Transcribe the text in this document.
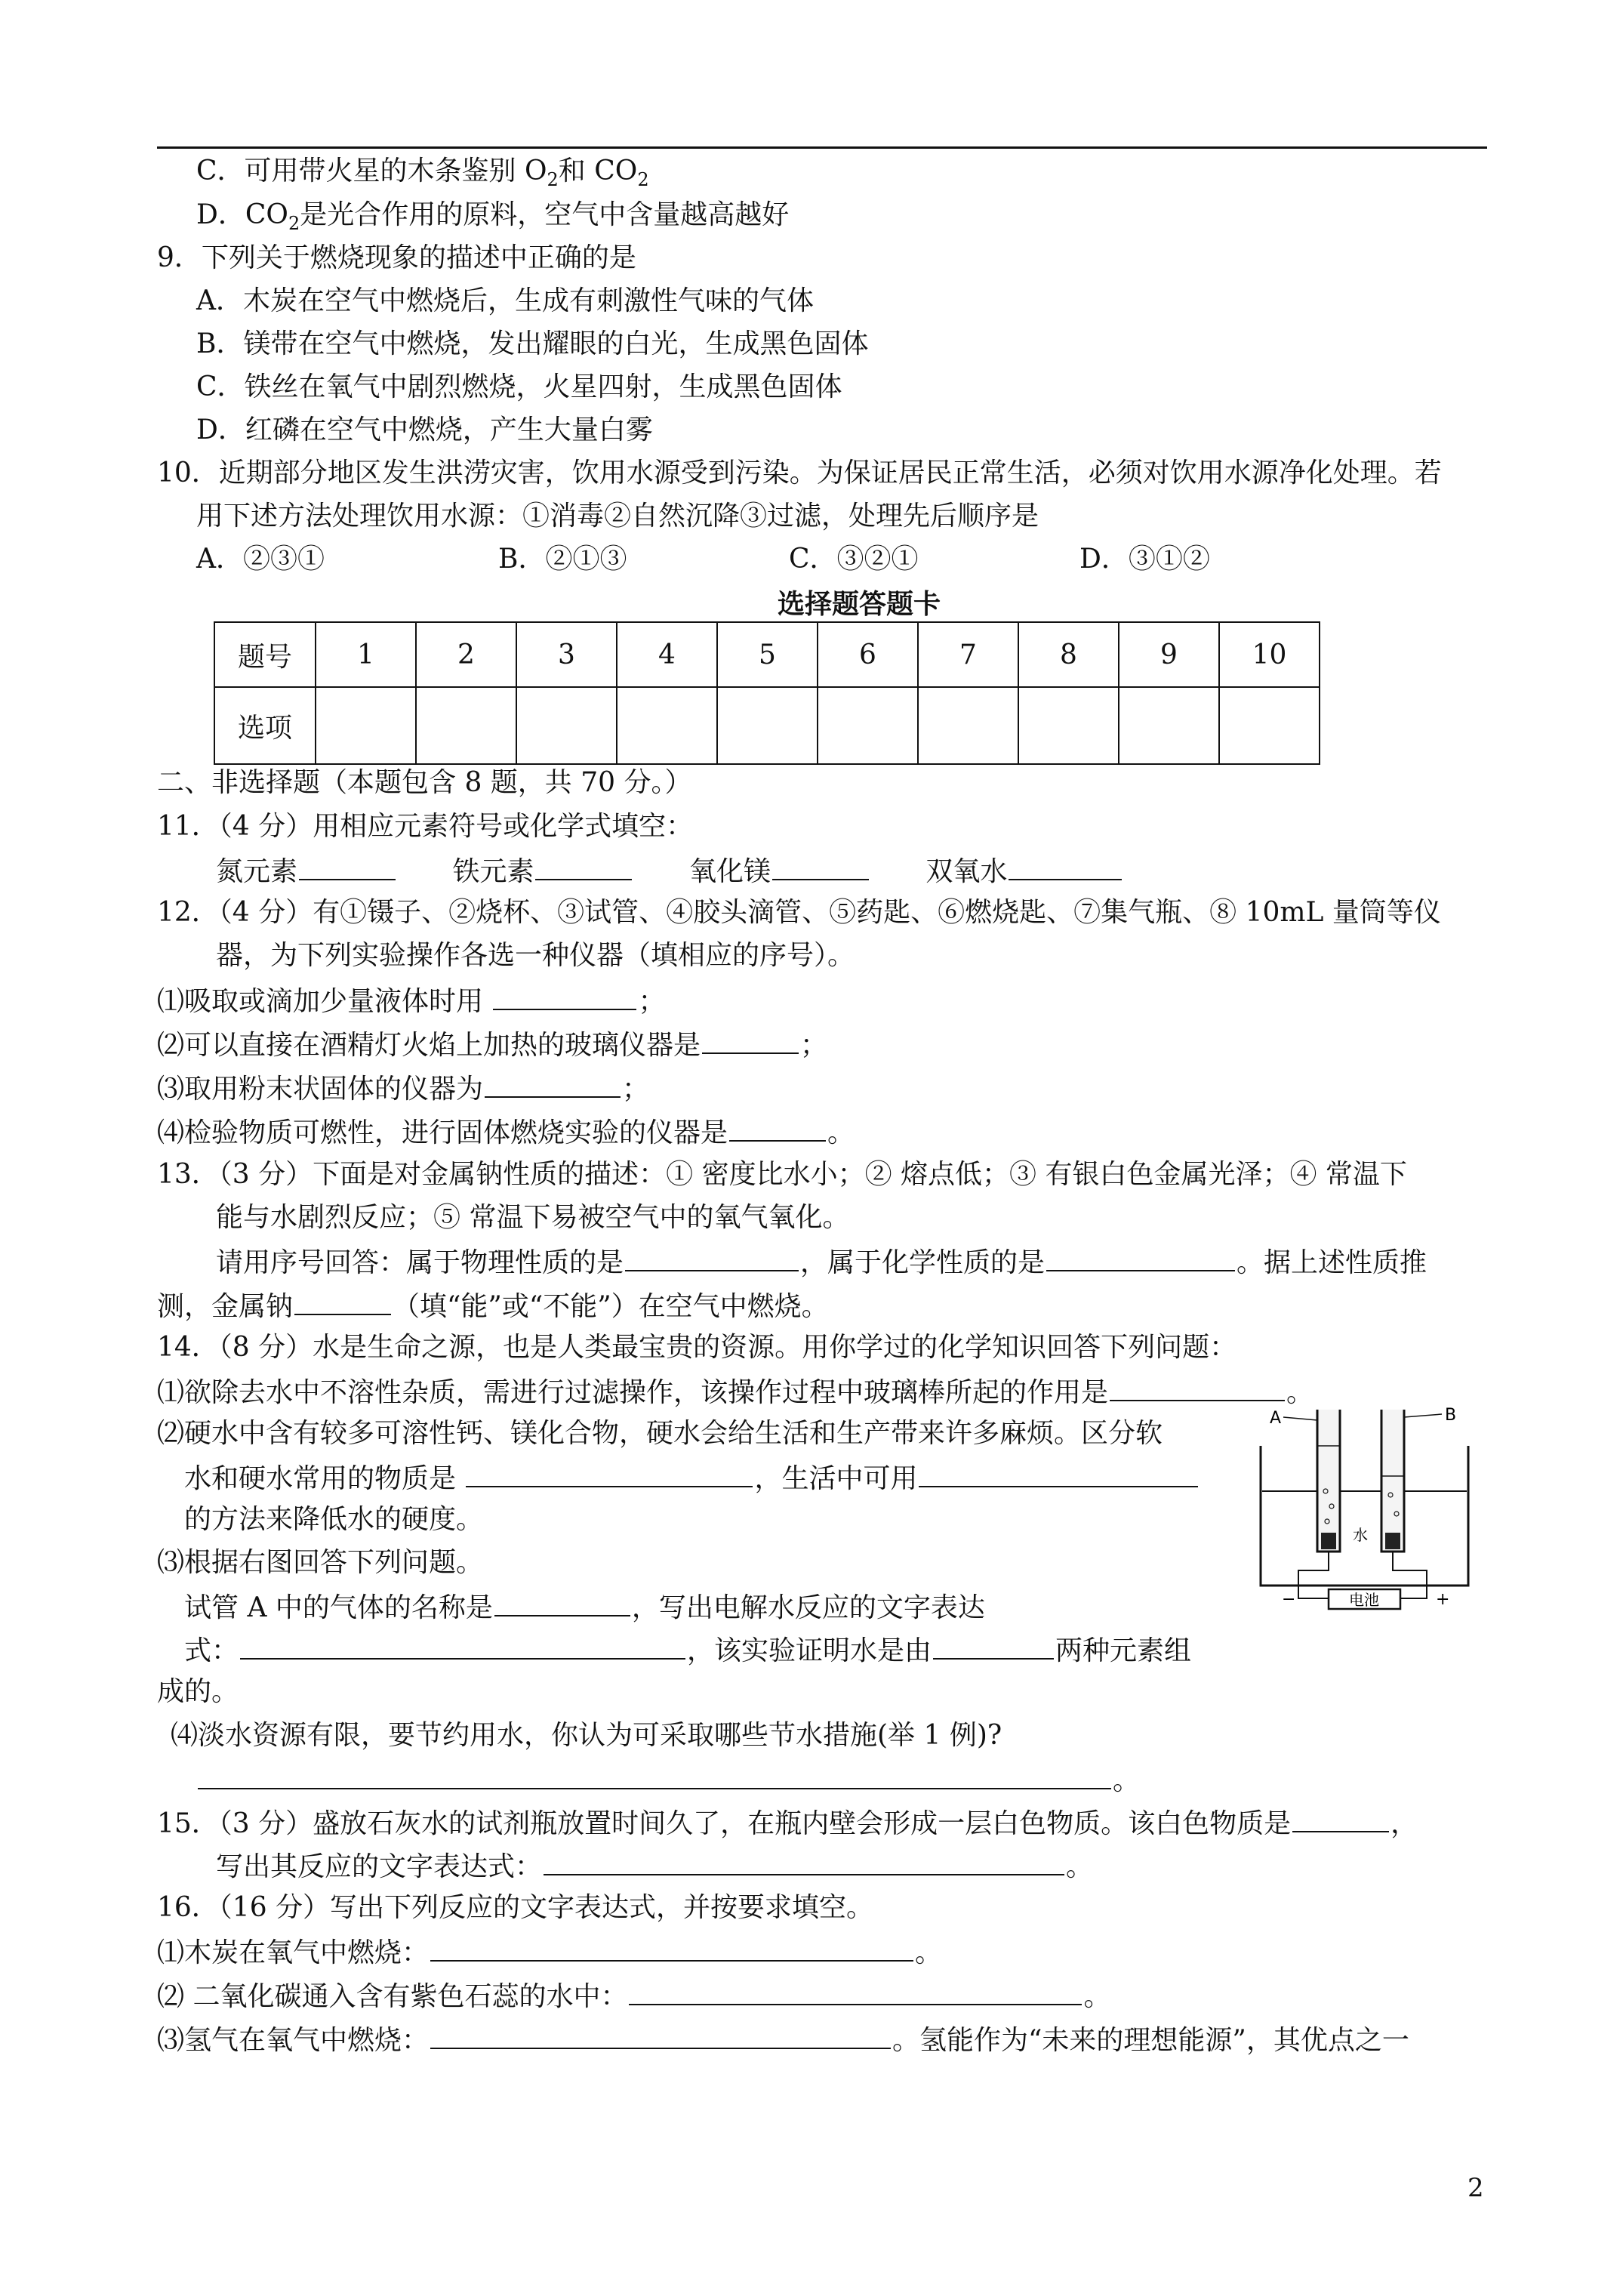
C．可用带火星的木条鉴别 $O_2$和 $CO_2$
D．$CO_2$是光合作用的原料，空气中含量越高越好
9．下列关于燃烧现象的描述中正确的是
A．木炭在空气中燃烧后，生成有刺激性气味的气体
B．镁带在空气中燃烧，发出耀眼的白光，生成黑色固体
C．铁丝在氧气中剧烈燃烧，火星四射，生成黑色固体
D．红磷在空气中燃烧，产生大量白雾
10．近期部分地区发生洪涝灾害，饮用水源受到污染。为保证居民正常生活，必须对饮用水源净化处理。若
用下述方法处理饮用水源：①消毒②自然沉降③过滤，处理先后顺序是
A．②③①	B．②①③	C．③②①	D．③①②
选择题答题卡
题号	1	2	3	4	5	6	7	8	9	10
选项										
二、非选择题（本题包含 8 题，共 70 分。）
11．（4 分）用相应元素符号或化学式填空：
氮元素	铁元素	氧化镁	双氧水
12．（4 分）有①镊子、②烧杯、③试管、④胶头滴管、⑤药匙、⑥燃烧匙、⑦集气瓶、⑧ 10mL 量筒等仪
器，为下列实验操作各选一种仪器（填相应的序号）。
⑴吸取或滴加少量液体时用	；
⑵可以直接在酒精灯火焰上加热的玻璃仪器是	；
⑶取用粉末状固体的仪器为	；
⑷检验物质可燃性，进行固体燃烧实验的仪器是	。
13．（3 分）下面是对金属钠性质的描述：① 密度比水小；② 熔点低；③ 有银白色金属光泽；④ 常温下
能与水剧烈反应；⑤ 常温下易被空气中的氧气氧化。
请用序号回答：属于物理性质的是	，属于化学性质的是	。据上述性质推
测，金属钠	（填“能”或“不能”）在空气中燃烧。
14．（8 分）水是生命之源，也是人类最宝贵的资源。用你学过的化学知识回答下列问题：
⑴欲除去水中不溶性杂质，需进行过滤操作，该操作过程中玻璃棒所起的作用是	。
⑵硬水中含有较多可溶性钙、镁化合物，硬水会给生活和生产带来许多麻烦。区分软
水和硬水常用的物质是	，生活中可用
的方法来降低水的硬度。
⑶根据右图回答下列问题。
试管 A 中的气体的名称是	，写出电解水反应的文字表达
式：	，该实验证明水是由	两种元素组
成的。
⑷淡水资源有限，要节约用水，你认为可采取哪些节水措施(举 1 例)?
。
15．（3 分）盛放石灰水的试剂瓶放置时间久了，在瓶内壁会形成一层白色物质。该白色物质是	，
写出其反应的文字表达式：	。
16．（16 分）写出下列反应的文字表达式，并按要求填空。
⑴木炭在氧气中燃烧：	。
⑵ 二氧化碳通入含有紫色石蕊的水中：	。
⑶氢气在氧气中燃烧：	。氢能作为“未来的理想能源”，其优点之一
电池
−	+
A	B
水
2
